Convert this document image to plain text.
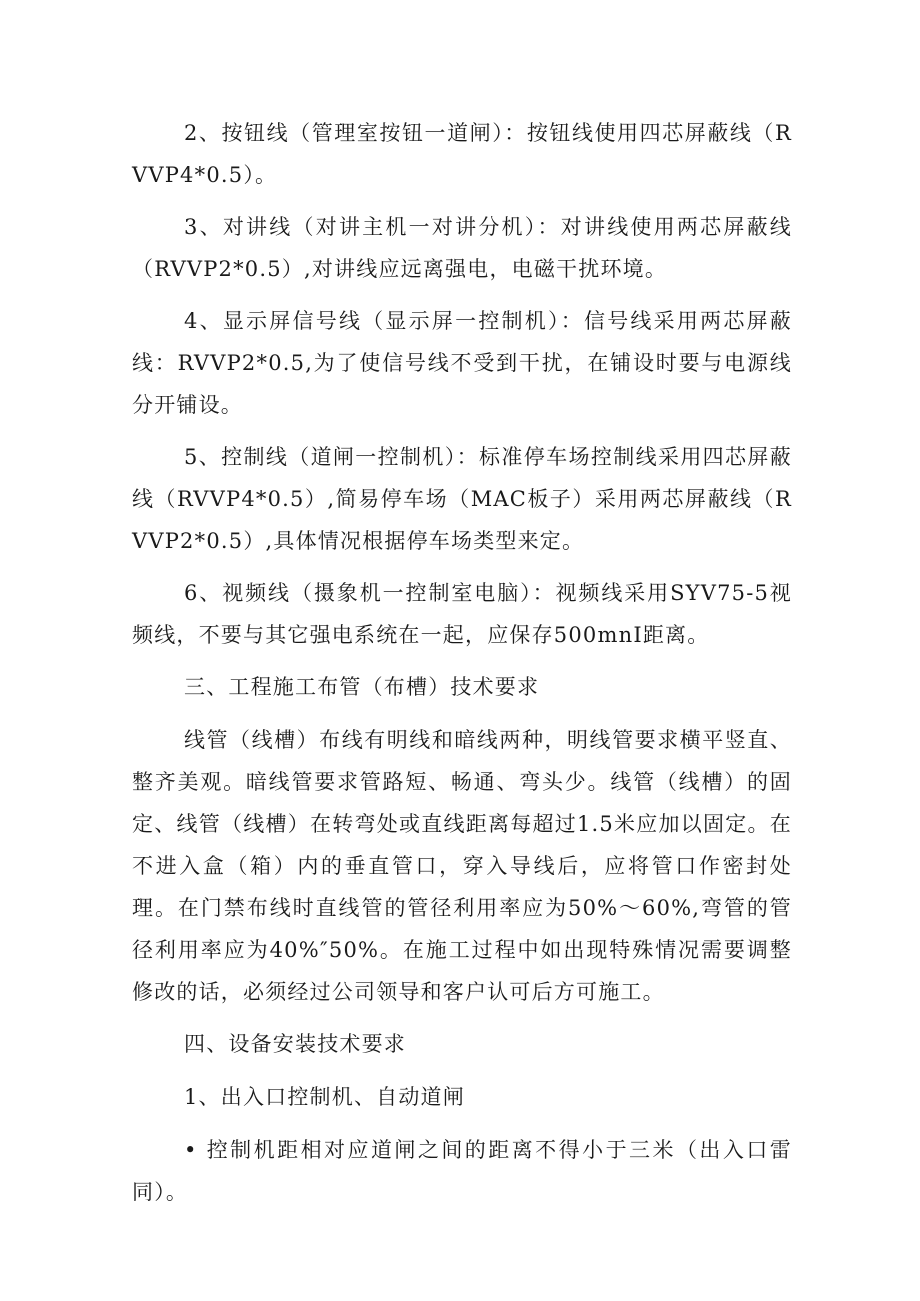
2、按钮线（管理室按钮一道闸）：按钮线使用四芯屏蔽线（RVVP4*0.5）。

3、对讲线（对讲主机一对讲分机）：对讲线使用两芯屏蔽线（RVVP2*0.5）,对讲线应远离强电，电磁干扰环境。

4、显示屏信号线（显示屏一控制机）：信号线采用两芯屏蔽线：RVVP2*0.5,为了使信号线不受到干扰，在铺设时要与电源线分开铺设。

5、控制线（道闸一控制机）：标准停车场控制线采用四芯屏蔽线（RVVP4*0.5）,简易停车场（MAC板子）采用两芯屏蔽线（RVVP2*0.5）,具体情况根据停车场类型来定。

6、视频线（摄象机一控制室电脑）：视频线采用SYV75-5视频线，不要与其它强电系统在一起，应保存500mnI距离。

三、工程施工布管（布槽）技术要求

线管（线槽）布线有明线和暗线两种，明线管要求横平竖直、整齐美观。暗线管要求管路短、畅通、弯头少。线管（线槽）的固定、线管（线槽）在转弯处或直线距离每超过1.5米应加以固定。在不进入盒（箱）内的垂直管口，穿入导线后，应将管口作密封处理。在门禁布线时直线管的管径利用率应为50%～60%,弯管的管径利用率应为40%″50%。在施工过程中如出现特殊情况需要调整修改的话，必须经过公司领导和客户认可后方可施工。

四、设备安装技术要求

1、出入口控制机、自动道闸

• 控制机距相对应道闸之间的距离不得小于三米（出入口雷同）。
